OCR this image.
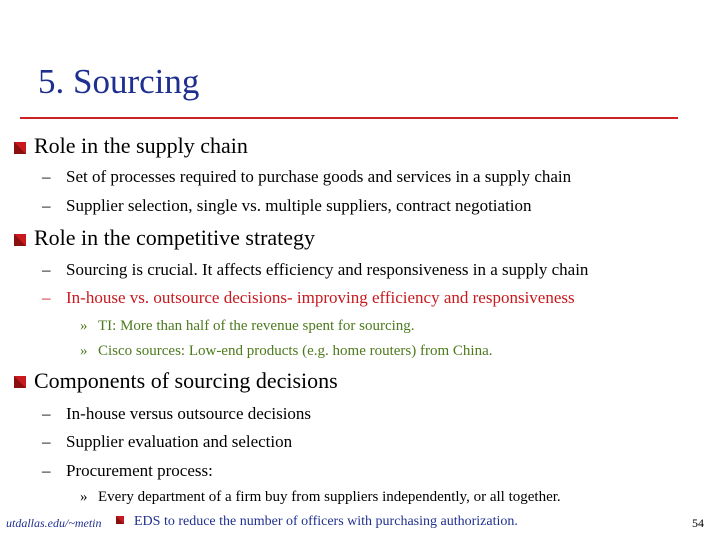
5. Sourcing
Role in the supply chain
– Set of processes required to purchase goods and services in a supply chain
– Supplier selection, single vs. multiple suppliers, contract negotiation
Role in the competitive strategy
– Sourcing is crucial. It affects efficiency and responsiveness in a supply chain
– In-house vs. outsource decisions- improving efficiency and responsiveness
» TI: More than half of the revenue spent for sourcing.
» Cisco sources: Low-end products (e.g. home routers) from China.
Components of sourcing decisions
– In-house versus outsource decisions
– Supplier evaluation and selection
– Procurement process:
» Every department of a firm buy from suppliers independently, or all together.
utdallas.edu/~metin EDS to reduce the number of officers with purchasing authorization.	54
